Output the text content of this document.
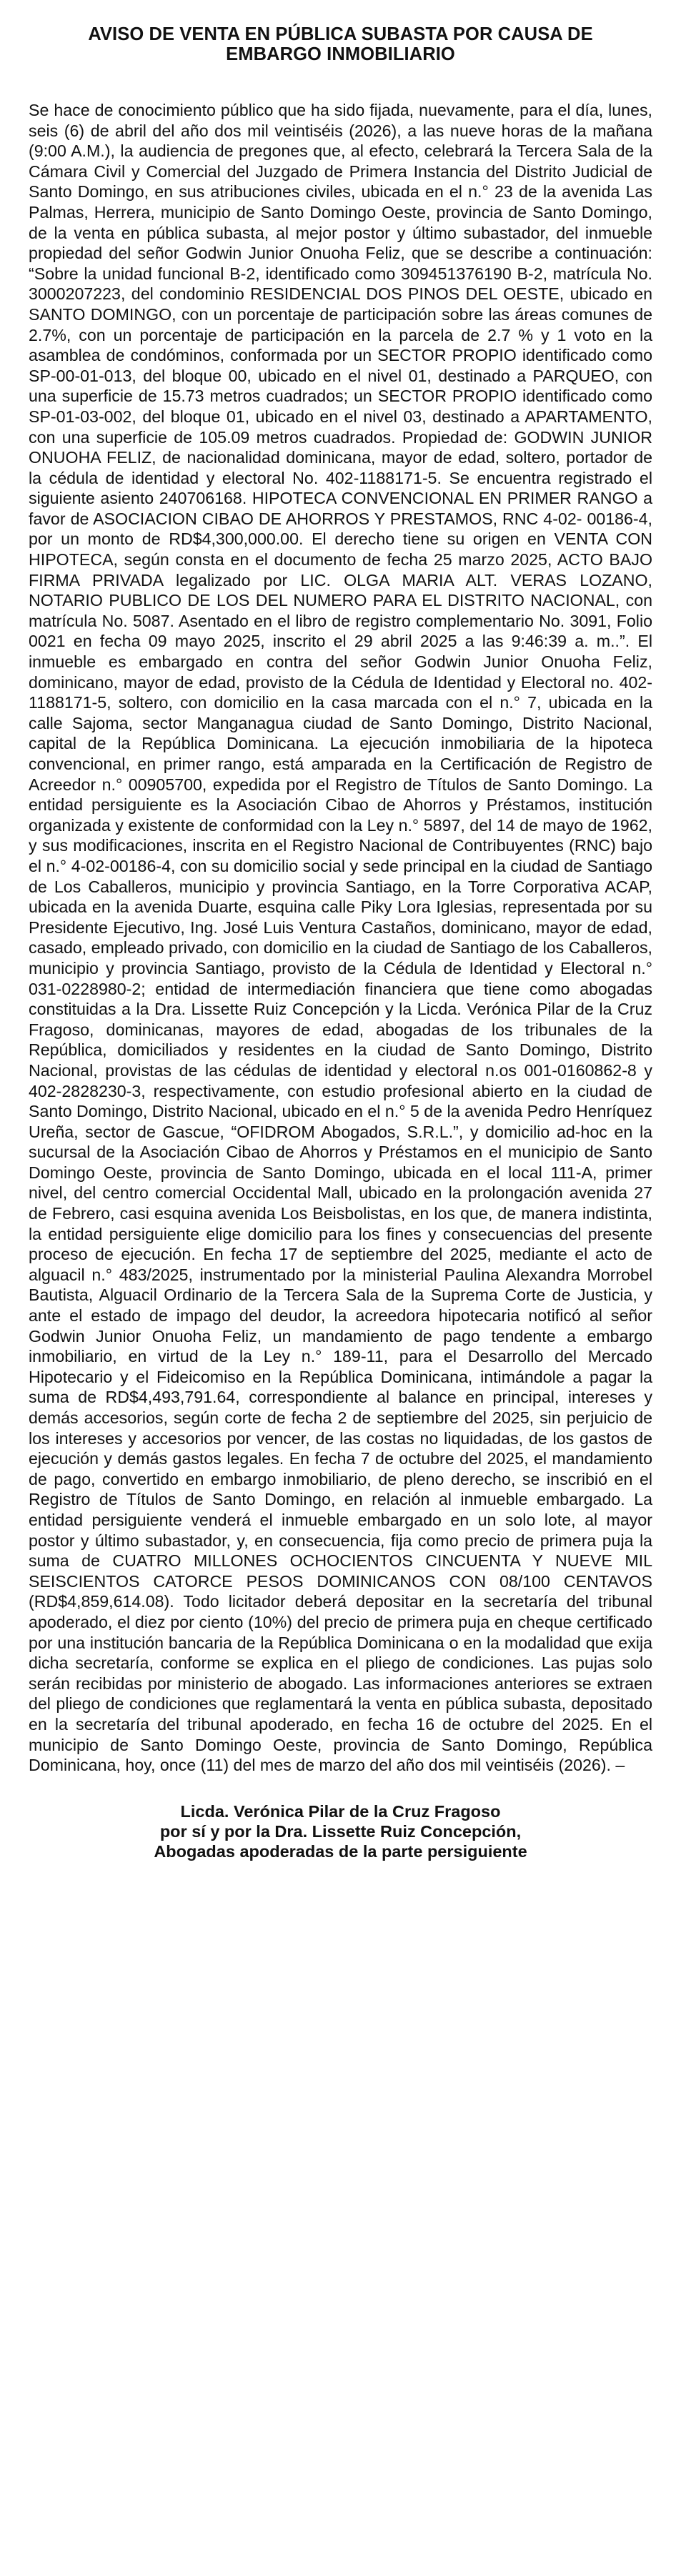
AVISO DE VENTA EN PÚBLICA SUBASTA POR CAUSA DE
EMBARGO INMOBILIARIO

Se hace de conocimiento público que ha sido fijada, nuevamente, para el día, lunes, seis (6) de abril del año dos mil veintiséis (2026), a las nueve horas de la mañana (9:00 A.M.), la audiencia de pregones que, al efecto, celebrará la Tercera Sala de la Cámara Civil y Comercial del Juzgado de Primera Instancia del Distrito Judicial de Santo Domingo, en sus atribuciones civiles, ubicada en el n.° 23 de la avenida Las Palmas, Herrera, municipio de Santo Domingo Oeste, provincia de Santo Domingo, de la venta en pública subasta, al mejor postor y último subastador, del inmueble propiedad del señor Godwin Junior Onuoha Feliz, que se describe a continuación: “Sobre la unidad funcional B-2, identificado como 309451376190 B-2, matrícula No. 3000207223, del condominio RESIDENCIAL DOS PINOS DEL OESTE, ubicado en SANTO DOMINGO, con un porcentaje de participación sobre las áreas comunes de 2.7%, con un porcentaje de participación en la parcela de 2.7 % y 1 voto en la asamblea de condóminos, conformada por un SECTOR PROPIO identificado como SP-00-01-013, del bloque 00, ubicado en el nivel 01, destinado a PARQUEO, con una superficie de 15.73 metros cuadrados; un SECTOR PROPIO identificado como SP-01-03-002, del bloque 01, ubicado en el nivel 03, destinado a APARTAMENTO, con una superficie de 105.09 metros cuadrados. Propiedad de: GODWIN JUNIOR ONUOHA FELIZ, de nacionalidad dominicana, mayor de edad, soltero, portador de la cédula de identidad y electoral No. 402-1188171-5. Se encuentra registrado el siguiente asiento 240706168. HIPOTECA CONVENCIONAL EN PRIMER RANGO a favor de ASOCIACION CIBAO DE AHORROS Y PRESTAMOS, RNC 4-02- 00186-4, por un monto de RD$4,300,000.00. El derecho tiene su origen en VENTA CON HIPOTECA, según consta en el documento de fecha 25 marzo 2025, ACTO BAJO FIRMA PRIVADA legalizado por LIC. OLGA MARIA ALT. VERAS LOZANO, NOTARIO PUBLICO DE LOS DEL NUMERO PARA EL DISTRITO NACIONAL, con matrícula No. 5087. Asentado en el libro de registro complementario No. 3091, Folio 0021 en fecha 09 mayo 2025, inscrito el 29 abril 2025 a las 9:46:39 a. m..”. El inmueble es embargado en contra del señor Godwin Junior Onuoha Feliz, dominicano, mayor de edad, provisto de la Cédula de Identidad y Electoral no. 402-1188171-5, soltero, con domicilio en la casa marcada con el n.° 7, ubicada en la calle Sajoma, sector Manganagua ciudad de Santo Domingo, Distrito Nacional, capital de la República Dominicana. La ejecución inmobiliaria de la hipoteca convencional, en primer rango, está amparada en la Certificación de Registro de Acreedor n.° 00905700, expedida por el Registro de Títulos de Santo Domingo. La entidad persiguiente es la Asociación Cibao de Ahorros y Préstamos, institución organizada y existente de conformidad con la Ley n.° 5897, del 14 de mayo de 1962, y sus modificaciones, inscrita en el Registro Nacional de Contribuyentes (RNC) bajo el n.° 4-02-00186-4, con su domicilio social y sede principal en la ciudad de Santiago de Los Caballeros, municipio y provincia Santiago, en la Torre Corporativa ACAP, ubicada en la avenida Duarte, esquina calle Piky Lora Iglesias, representada por su Presidente Ejecutivo, Ing. José Luis Ventura Castaños, dominicano, mayor de edad, casado, empleado privado, con domicilio en la ciudad de Santiago de los Caballeros, municipio y provincia Santiago, provisto de la Cédula de Identidad y Electoral n.° 031-0228980-2; entidad de intermediación financiera que tiene como abogadas constituidas a la Dra. Lissette Ruiz Concepción y la Licda. Verónica Pilar de la Cruz Fragoso, dominicanas, mayores de edad, abogadas de los tribunales de la República, domiciliados y residentes en la ciudad de Santo Domingo, Distrito Nacional, provistas de las cédulas de identidad y electoral n.os 001-0160862-8 y 402-2828230-3, respectivamente, con estudio profesional abierto en la ciudad de Santo Domingo, Distrito Nacional, ubicado en el n.° 5 de la avenida Pedro Henríquez Ureña, sector de Gascue, “OFIDROM Abogados, S.R.L.”, y domicilio ad-hoc en la sucursal de la Asociación Cibao de Ahorros y Préstamos en el municipio de Santo Domingo Oeste, provincia de Santo Domingo, ubicada en el local 111-A, primer nivel, del centro comercial Occidental Mall, ubicado en la prolongación avenida 27 de Febrero, casi esquina avenida Los Beisbolistas, en los que, de manera indistinta, la entidad persiguiente elige domicilio para los fines y consecuencias del presente proceso de ejecución. En fecha 17 de septiembre del 2025, mediante el acto de alguacil n.° 483/2025, instrumentado por la ministerial Paulina Alexandra Morrobel Bautista, Alguacil Ordinario de la Tercera Sala de la Suprema Corte de Justicia, y ante el estado de impago del deudor, la acreedora hipotecaria notificó al señor Godwin Junior Onuoha Feliz, un mandamiento de pago tendente a embargo inmobiliario, en virtud de la Ley n.° 189-11, para el Desarrollo del Mercado Hipotecario y el Fideicomiso en la República Dominicana, intimándole a pagar la suma de RD$4,493,791.64, correspondiente al balance en principal, intereses y demás accesorios, según corte de fecha 2 de septiembre del 2025, sin perjuicio de los intereses y accesorios por vencer, de las costas no liquidadas, de los gastos de ejecución y demás gastos legales. En fecha 7 de octubre del 2025, el mandamiento de pago, convertido en embargo inmobiliario, de pleno derecho, se inscribió en el Registro de Títulos de Santo Domingo, en relación al inmueble embargado. La entidad persiguiente venderá el inmueble embargado en un solo lote, al mayor postor y último subastador, y, en consecuencia, fija como precio de primera puja la suma de CUATRO MILLONES OCHOCIENTOS CINCUENTA Y NUEVE MIL SEISCIENTOS CATORCE PESOS DOMINICANOS CON 08/100 CENTAVOS (RD$4,859,614.08). Todo licitador deberá depositar en la secretaría del tribunal apoderado, el diez por ciento (10%) del precio de primera puja en cheque certificado por una institución bancaria de la República Dominicana o en la modalidad que exija dicha secretaría, conforme se explica en el pliego de condiciones. Las pujas solo serán recibidas por ministerio de abogado. Las informaciones anteriores se extraen del pliego de condiciones que reglamentará la venta en pública subasta, depositado en la secretaría del tribunal apoderado, en fecha 16 de octubre del 2025. En el municipio de Santo Domingo Oeste, provincia de Santo Domingo, República Dominicana, hoy, once (11) del mes de marzo del año dos mil veintiséis (2026). –

Licda. Verónica Pilar de la Cruz Fragoso
por sí y por la Dra. Lissette Ruiz Concepción,
Abogadas apoderadas de la parte persiguiente
